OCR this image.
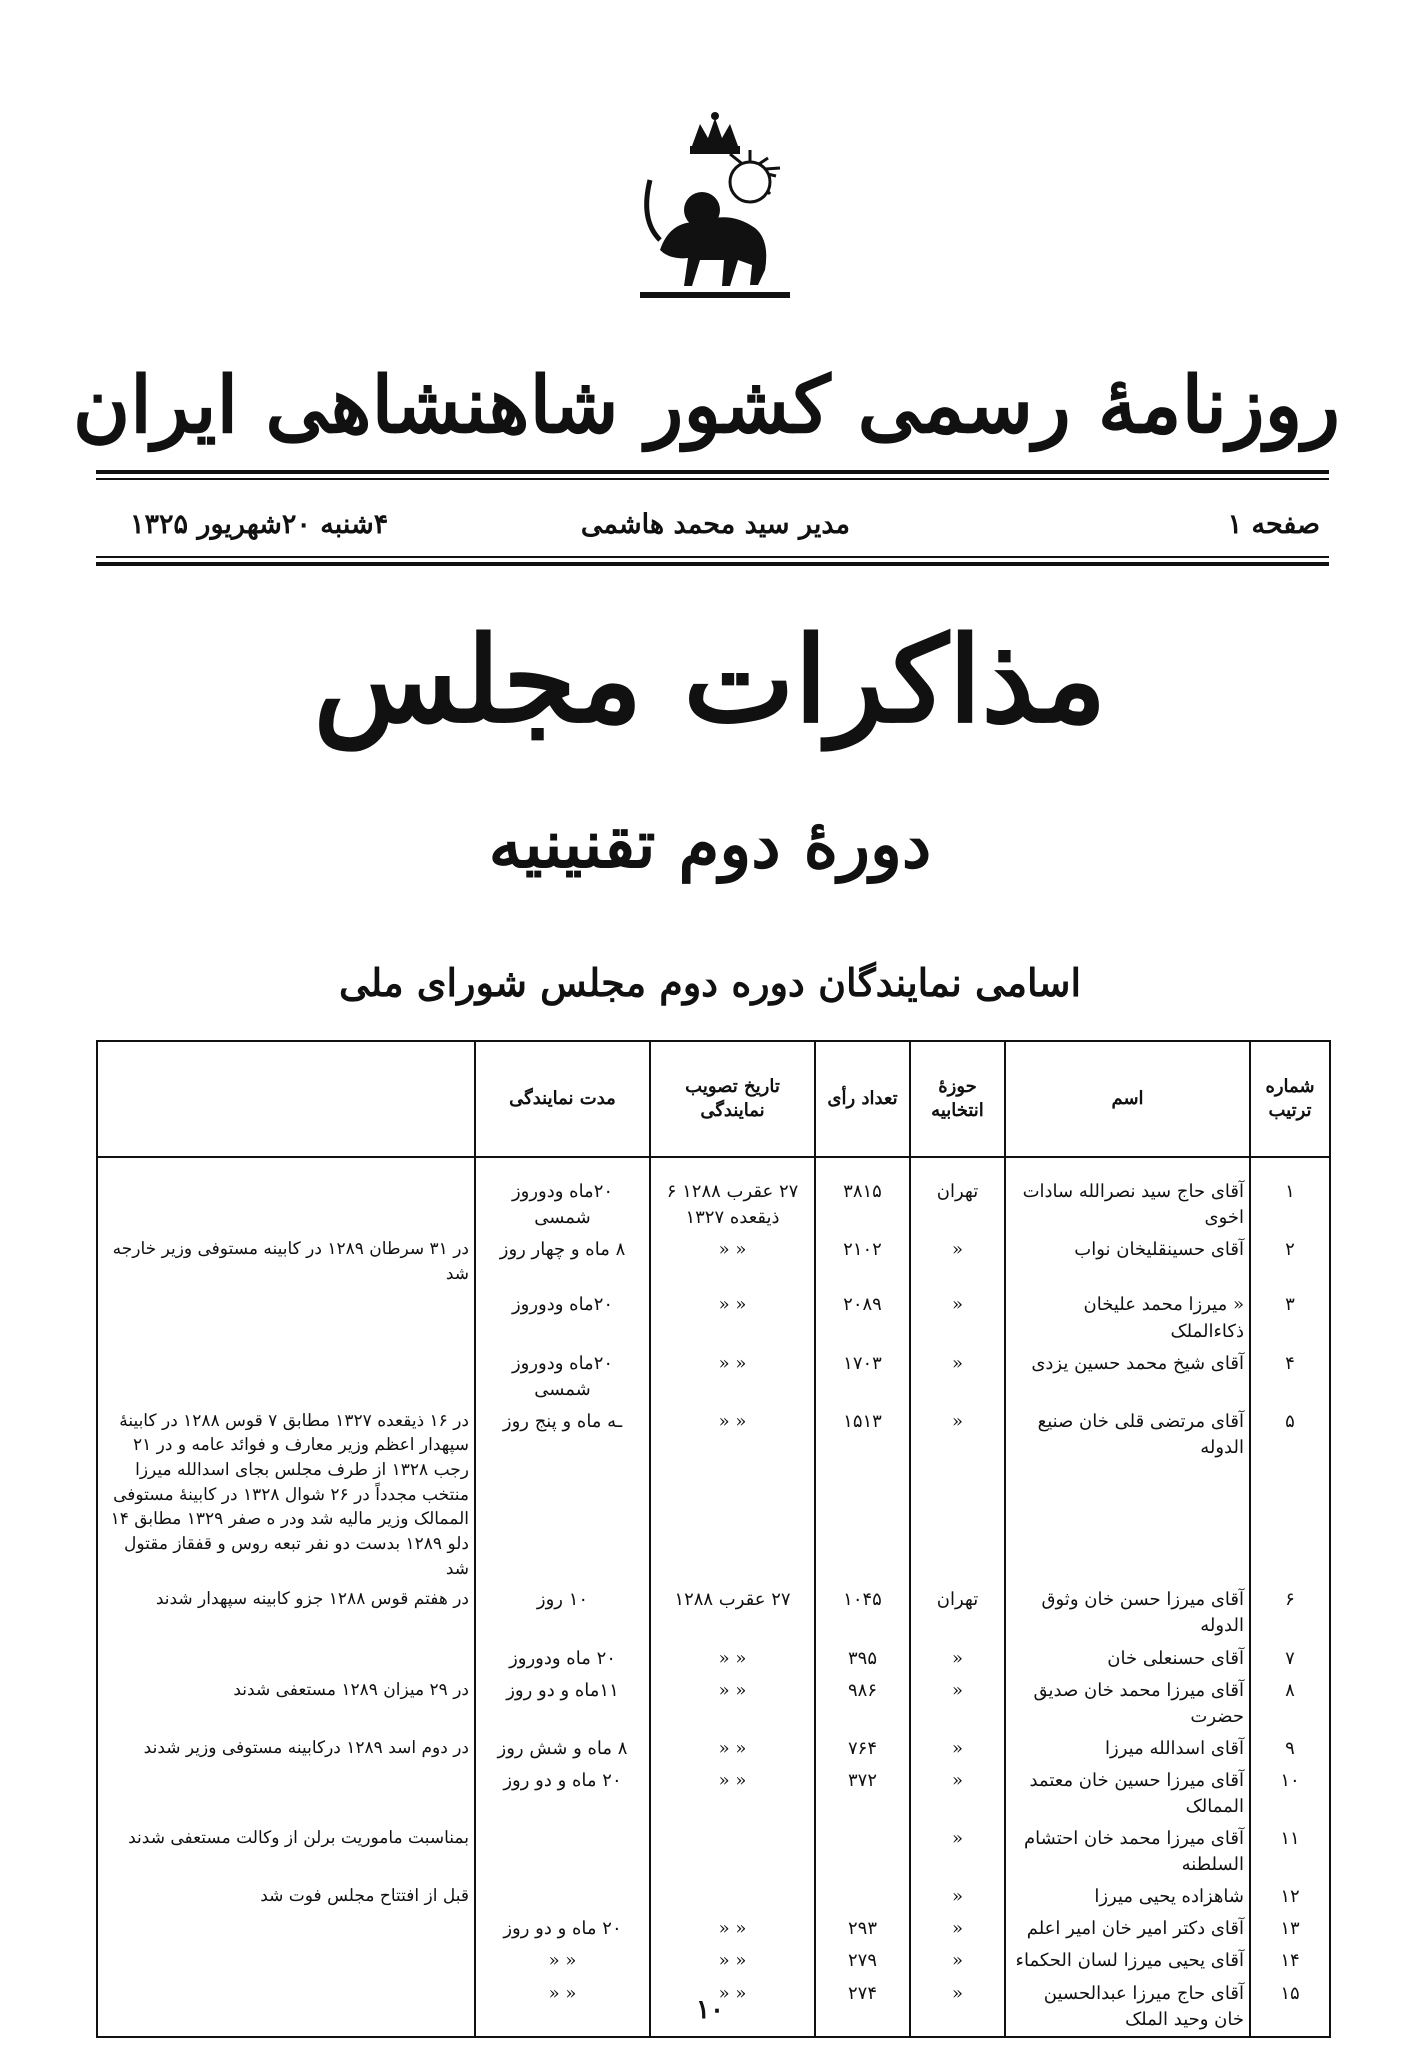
روزنامهٔ رسمی کشور شاهنشاهی ایران
صفحه ۱
مدیر سید محمد هاشمی
۴شنبه ۲۰شهریور ۱۳۲۵
مذاکرات مجلس
دورهٔ دوم تقنینیه
اسامی نمایندگان دوره دوم مجلس شورای ملی
شماره ترتیب	اسم	حوزهٔ انتخابیه	تعداد رأی	تاریخ تصویب نمایندگی	مدت نمایندگی	

۱	آقای حاج سید نصرالله سادات اخوی	تهران	۳۸۱۵	۲۷ عقرب ۱۲۸۸ ۶ ذیقعده ۱۳۲۷	۲۰ماه ودوروز شمسی	
۲	آقای حسینقلیخان نواب	«	۲۱۰۲	« «	۸ ماه و چهار روز	در ۳۱ سرطان ۱۲۸۹ در کابینه مستوفی وزیر خارجه شد
۳	« میرزا محمد علیخان ذکاءالملک	«	۲۰۸۹	« «	۲۰ماه ودوروز	
۴	آقای شیخ محمد حسین یزدی	«	۱۷۰۳	« «	۲۰ماه ودوروز شمسی	
۵	آقای مرتضی قلی خان صنیع الدوله	«	۱۵۱۳	« «	ـه ماه و پنج روز	در ۱۶ ذیقعده ۱۳۲۷ مطابق ۷ قوس ۱۲۸۸ در کابینهٔ سپهدار اعظم وزیر معارف و فوائد عامه و در ۲۱ رجب ۱۳۲۸ از طرف مجلس بجای اسدالله میرزا منتخب مجدداً در ۲۶ شوال ۱۳۲۸ در کابینهٔ مستوفی الممالک وزیر مالیه شد ودر ه صفر ۱۳۲۹ مطابق ۱۴ دلو ۱۲۸۹ بدست دو نفر تبعه روس و قفقاز مقتول شد
۶	آقای میرزا حسن خان وثوق الدوله	تهران	۱۰۴۵	۲۷ عقرب ۱۲۸۸	۱۰ روز	در هفتم قوس ۱۲۸۸ جزو کابینه سپهدار شدند
۷	آقای حسنعلی خان	«	۳۹۵	« «	۲۰ ماه ودوروز	
۸	آقای میرزا محمد خان صدیق حضرت	«	۹۸۶	« «	۱۱ماه و دو روز	در ۲۹ میزان ۱۲۸۹ مستعفی شدند
۹	آقای اسدالله میرزا	«	۷۶۴	« «	۸ ماه و شش روز	در دوم اسد ۱۲۸۹ درکابینه مستوفی وزیر شدند
۱۰	آقای میرزا حسین خان معتمد الممالک	«	۳۷۲	« «	۲۰ ماه و دو روز	
۱۱	آقای میرزا محمد خان احتشام السلطنه	«				بمناسبت ماموریت برلن از وکالت مستعفی شدند
۱۲	شاهزاده یحیی میرزا	«				قبل از افتتاح مجلس فوت شد
۱۳	آقای دکتر امیر خان امیر اعلم	«	۲۹۳	« «	۲۰ ماه و دو روز	
۱۴	آقای یحیی میرزا لسان الحکماء	«	۲۷۹	« «	« «	
۱۵	آقای حاج میرزا عبدالحسین خان وحید الملک	«	۲۷۴	« «	« «	
۱۰
